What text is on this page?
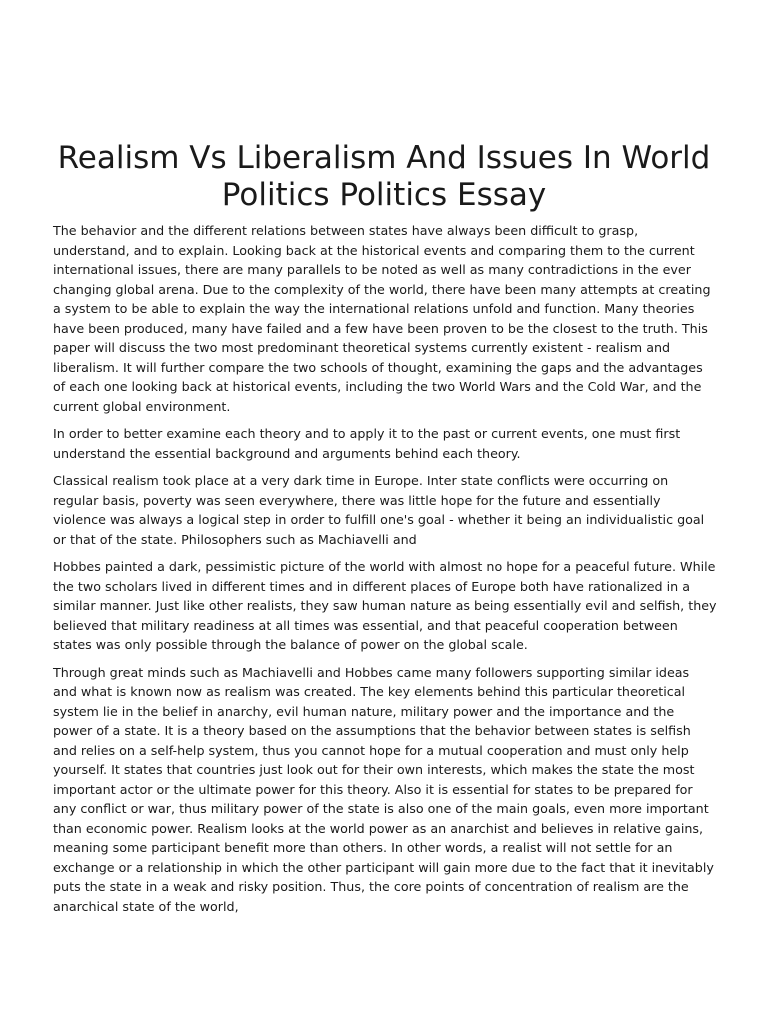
Realism Vs Liberalism And Issues In World Politics Politics Essay

The behavior and the different relations between states have always been difficult to grasp, understand, and to explain. Looking back at the historical events and comparing them to the current international issues, there are many parallels to be noted as well as many contradictions in the ever changing global arena. Due to the complexity of the world, there have been many attempts at creating a system to be able to explain the way the international relations unfold and function. Many theories have been produced, many have failed and a few have been proven to be the closest to the truth. This paper will discuss the two most predominant theoretical systems currently existent - realism and liberalism. It will further compare the two schools of thought, examining the gaps and the advantages of each one looking back at historical events, including the two World Wars and the Cold War, and the current global environment.

In order to better examine each theory and to apply it to the past or current events, one must first understand the essential background and arguments behind each theory.

Classical realism took place at a very dark time in Europe. Inter state conflicts were occurring on regular basis, poverty was seen everywhere, there was little hope for the future and essentially violence was always a logical step in order to fulfill one's goal - whether it being an individualistic goal or that of the state. Philosophers such as Machiavelli and

Hobbes painted a dark, pessimistic picture of the world with almost no hope for a peaceful future. While the two scholars lived in different times and in different places of Europe both have rationalized in a similar manner. Just like other realists, they saw human nature as being essentially evil and selfish, they believed that military readiness at all times was essential, and that peaceful cooperation between states was only possible through the balance of power on the global scale.

Through great minds such as Machiavelli and Hobbes came many followers supporting similar ideas and what is known now as realism was created. The key elements behind this particular theoretical system lie in the belief in anarchy, evil human nature, military power and the importance and the power of a state. It is a theory based on the assumptions that the behavior between states is selfish and relies on a self-help system, thus you cannot hope for a mutual cooperation and must only help yourself. It states that countries just look out for their own interests, which makes the state the most important actor or the ultimate power for this theory. Also it is essential for states to be prepared for any conflict or war, thus military power of the state is also one of the main goals, even more important than economic power. Realism looks at the world power as an anarchist and believes in relative gains, meaning some participant benefit more than others. In other words, a realist will not settle for an exchange or a relationship in which the other participant will gain more due to the fact that it inevitably puts the state in a weak and risky position. Thus, the core points of concentration of realism are the anarchical state of the world,
